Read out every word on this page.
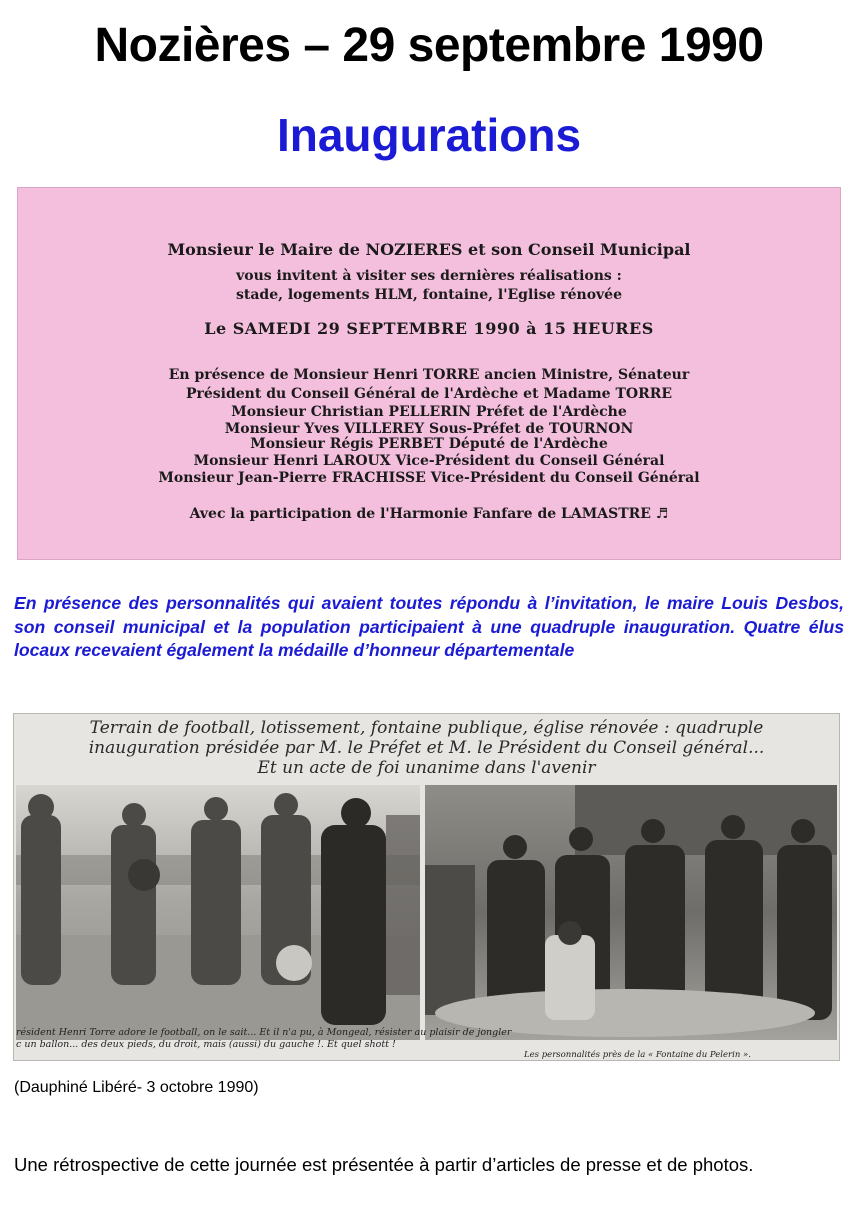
Nozières – 29 septembre 1990
Inaugurations
Monsieur le Maire de NOZIERES et son Conseil Municipal
vous invitent à visiter ses dernières réalisations :
stade, logements HLM, fontaine, l'Eglise rénovée
Le SAMEDI 29 SEPTEMBRE 1990 à 15 HEURES
En présence de Monsieur Henri TORRE ancien Ministre, Sénateur
Président du Conseil Général de l'Ardèche et Madame TORRE
Monsieur Christian PELLERIN Préfet de l'Ardèche
Monsieur Yves VILLEREY Sous-Préfet de TOURNON
Monsieur Régis PERBET Député de l'Ardèche
Monsieur Henri LAROUX Vice-Président du Conseil Général
Monsieur Jean-Pierre FRACHISSE Vice-Président du Conseil Général
Avec la participation de l'Harmonie Fanfare de LAMASTRE ♬
En présence des personnalités qui avaient toutes répondu à l’invitation, le maire Louis Desbos, son conseil municipal et la population participaient à une quadruple inauguration. Quatre élus locaux recevaient également la médaille d’honneur départementale
Terrain de football, lotissement, fontaine publique, église rénovée : quadruple
inauguration présidée par M. le Préfet et M. le Président du Conseil général...
Et un acte de foi unanime dans l'avenir
résident Henri Torre adore le football, on le sait... Et il n'a pu, à Mongeal, résister au plaisir de jongler
c un ballon... des deux pieds, du droit, mais (aussi) du gauche !. Et quel shott !
Les personnalités près de la « Fontaine du Pelerin ».
(Dauphiné Libéré- 3 octobre 1990)
Une rétrospective de cette journée est présentée à partir d’articles de presse et de photos.
